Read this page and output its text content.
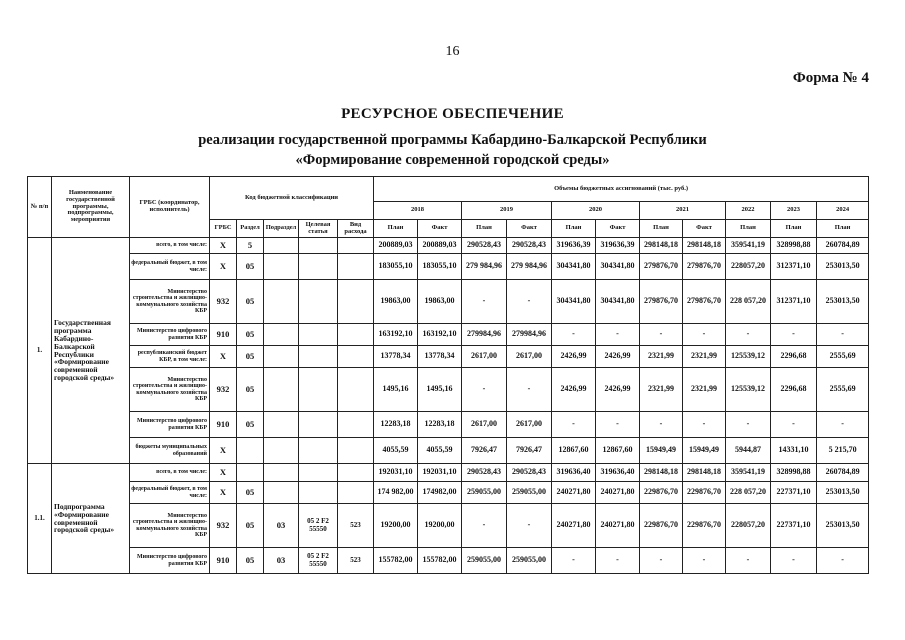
16
Форма № 4
РЕСУРСНОЕ ОБЕСПЕЧЕНИЕ
реализации государственной программы Кабардино-Балкарской Республики
«Формирование современной городской среды»
№ п/п	Наименование государственной программы, подпрограммы, мероприятия	ГРБС (координатор, исполнитель)	Код бюджетной классификации					Объемы бюджетных ассигнований (тыс. руб.)										
								2018		2019		2020		2021		2022	2023	2024
			ГРБС	Раздел	Подраздел	Целевая статья	Вид расхода	План	Факт	План	Факт	План	Факт	План	Факт	План	План	План
1.	Государственная программа Кабардино-Балкарской Республики «Формирование современной городской среды»	всего, в том числе:	Х	5				200889,03	200889,03	290528,43	290528,43	319636,39	319636,39	298148,18	298148,18	359541,19	328998,88	260784,89
		федеральный бюджет, в том числе:	Х	05				183055,10	183055,10	279 984,96	279 984,96	304341,80	304341,80	279876,70	279876,70	228057,20	312371,10	253013,50
		Министерство строительства и жилищно-коммунального хозяйства КБР	932	05				19863,00	19863,00	-	-	304341,80	304341,80	279876,70	279876,70	228 057,20	312371,10	253013,50
		Министерство цифрового развития КБР	910	05				163192,10	163192,10	279984,96	279984,96	-	-	-	-	-	-	-
		республиканский бюджет КБР, в том числе:	Х	05				13778,34	13778,34	2617,00	2617,00	2426,99	2426,99	2321,99	2321,99	125539,12	2296,68	2555,69
		Министерство строительства и жилищно-коммунального хозяйства КБР	932	05				1495,16	1495,16	-	-	2426,99	2426,99	2321,99	2321,99	125539,12	2296,68	2555,69
		Министерство цифрового развития КБР	910	05				12283,18	12283,18	2617,00	2617,00	-	-	-	-	-	-	-
		бюджеты муниципальных образований	Х					4055,59	4055,59	7926,47	7926,47	12867,60	12867,60	15949,49	15949,49	5944,87	14331,10	5 215,70
1.1.	Подпрограмма «Формирование современной городской среды»	всего, в том числе:	Х					192031,10	192031,10	290528,43	290528,43	319636,40	319636,40	298148,18	298148,18	359541,19	328998,88	260784,89
		федеральный бюджет, в том числе:	Х	05				174 982,00	174982,00	259055,00	259055,00	240271,80	240271,80	229876,70	229876,70	228 057,20	227371,10	253013,50
		Министерство строительства и жилищно-коммунального хозяйства КБР	932	05	03	05 2 F2 55550	523	19200,00	19200,00	-	-	240271,80	240271,80	229876,70	229876,70	228057,20	227371,10	253013,50
		Министерство цифрового развития КБР	910	05	03	05 2 F2 55550	523	155782,00	155782,00	259055,00	259055,00	-	-	-	-	-	-	-
